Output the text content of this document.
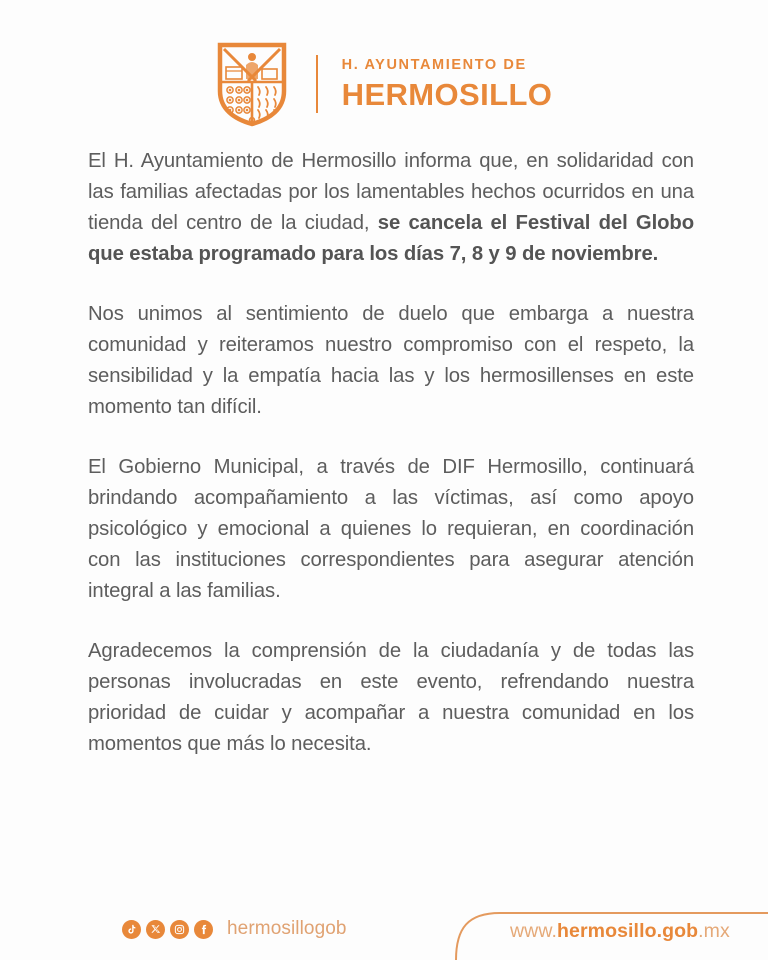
H. AYUNTAMIENTO DE
HERMOSILLO

El H. Ayuntamiento de Hermosillo informa que, en solidaridad con las familias afectadas por los lamentables hechos ocurridos en una tienda del centro de la ciudad, se cancela el Festival del Globo que estaba programado para los días 7, 8 y 9 de noviembre.

Nos unimos al sentimiento de duelo que embarga a nuestra comunidad y reiteramos nuestro compromiso con el respeto, la sensibilidad y la empatía hacia las y los hermosillenses en este momento tan difícil.

El Gobierno Municipal, a través de DIF Hermosillo, continuará brindando acompañamiento a las víctimas, así como apoyo psicológico y emocional a quienes lo requieran, en coordinación con las instituciones correspondientes para asegurar atención integral a las familias.

Agradecemos la comprensión de la ciudadanía y de todas las personas involucradas en este evento, refrendando nuestra prioridad de cuidar y acompañar a nuestra comunidad en los momentos que más lo necesita.

hermosillogob	www.hermosillo.gob.mx
